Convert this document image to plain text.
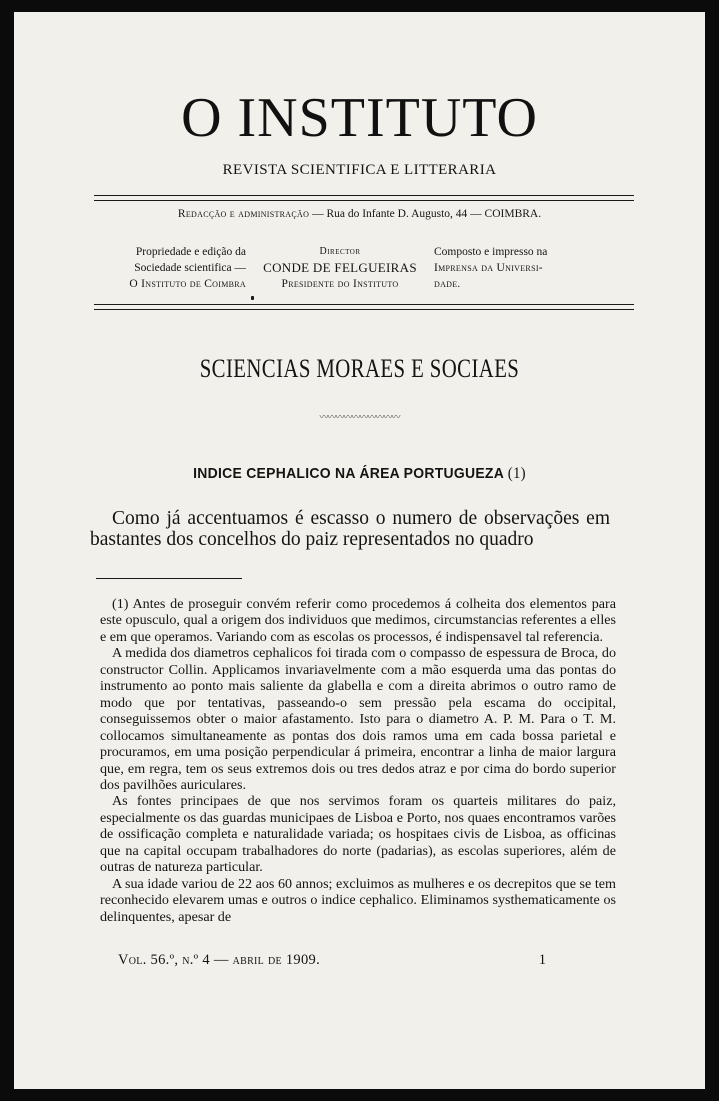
O INSTITUTO
REVISTA SCIENTIFICA E LITTERARIA
Redacção e administração — Rua do Infante D. Augusto, 44 — COIMBRA.
Propriedade e edição da
Sociedade scientifica —
O Instituto de Coimbra
Director
CONDE DE FELGUEIRAS
Presidente do Instituto
Composto e impresso na
Imprensa da Universi-
dade.
SCIENCIAS MORAES E SOCIAES
〰〰〰〰〰〰〰〰〰〰
INDICE CEPHALICO NA ÁREA PORTUGUEZA (1)
Como já accentuamos é escasso o numero de observações em bastantes dos concelhos do paiz representados no quadro

(1) Antes de proseguir convém referir como procedemos á colheita dos elementos para este opusculo, qual a origem dos individuos que medimos, circumstancias referentes a elles e em que operamos. Variando com as escolas os processos, é indispensavel tal referencia.

A medida dos diametros cephalicos foi tirada com o compasso de espessura de Broca, do constructor Collin. Applicamos invariavelmente com a mão esquerda uma das pontas do instrumento ao ponto mais saliente da glabella e com a direita abrimos o outro ramo de modo que por tentativas, passeando-o sem pressão pela escama do occipital, conseguissemos obter o maior afastamento. Isto para o diametro A. P. M. Para o T. M. collocamos simultaneamente as pontas dos dois ramos uma em cada bossa parietal e procuramos, em uma posição perpendicular á primeira, encontrar a linha de maior largura que, em regra, tem os seus extremos dois ou tres dedos atraz e por cima do bordo superior dos pavilhões auriculares.

As fontes principaes de que nos servimos foram os quarteis militares do paiz, especialmente os das guardas municipaes de Lisboa e Porto, nos quaes encontramos varões de ossificação completa e naturalidade variada; os hospitaes civis de Lisboa, as officinas que na capital occupam trabalhadores do norte (padarias), as escolas superiores, além de outras de natureza particular.

A sua idade variou de 22 aos 60 annos; excluimos as mulheres e os decrepitos que se tem reconhecido elevarem umas e outros o indice cephalico. Eliminamos systhematicamente os delinquentes, apesar de

Vol. 56.º, n.º 4 — abril de 1909.	1
